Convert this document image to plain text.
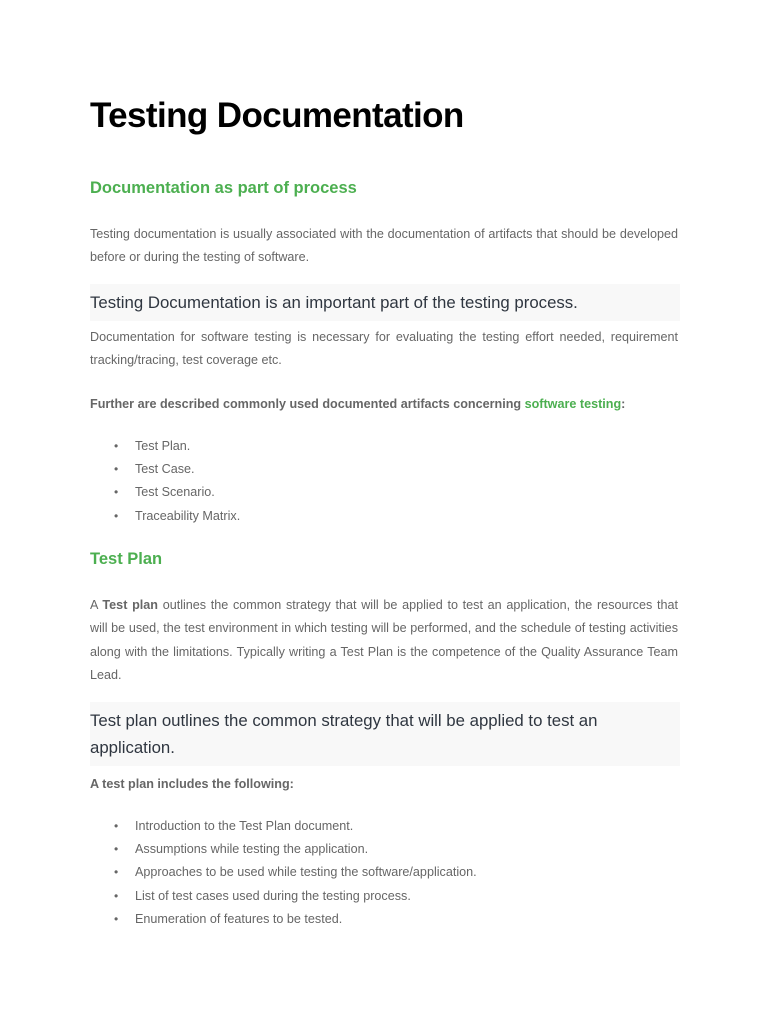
Testing Documentation
Documentation as part of process

Testing documentation is usually associated with the documentation of artifacts that should be developed before or during the testing of software.

Testing Documentation is an important part of the testing process.

Documentation for software testing is necessary for evaluating the testing effort needed, requirement tracking/tracing, test coverage etc.

Further are described commonly used documented artifacts concerning software testing:

• Test Plan.
• Test Case.
• Test Scenario.
• Traceability Matrix.
Test Plan

A Test plan outlines the common strategy that will be applied to test an application, the resources that will be used, the test environment in which testing will be performed, and the schedule of testing activities along with the limitations. Typically writing a Test Plan is the competence of the Quality Assurance Team Lead.

Test plan outlines the common strategy that will be applied to test an application.

A test plan includes the following:

• Introduction to the Test Plan document.
• Assumptions while testing the application.
• Approaches to be used while testing the software/application.
• List of test cases used during the testing process.
• Enumeration of features to be tested.
